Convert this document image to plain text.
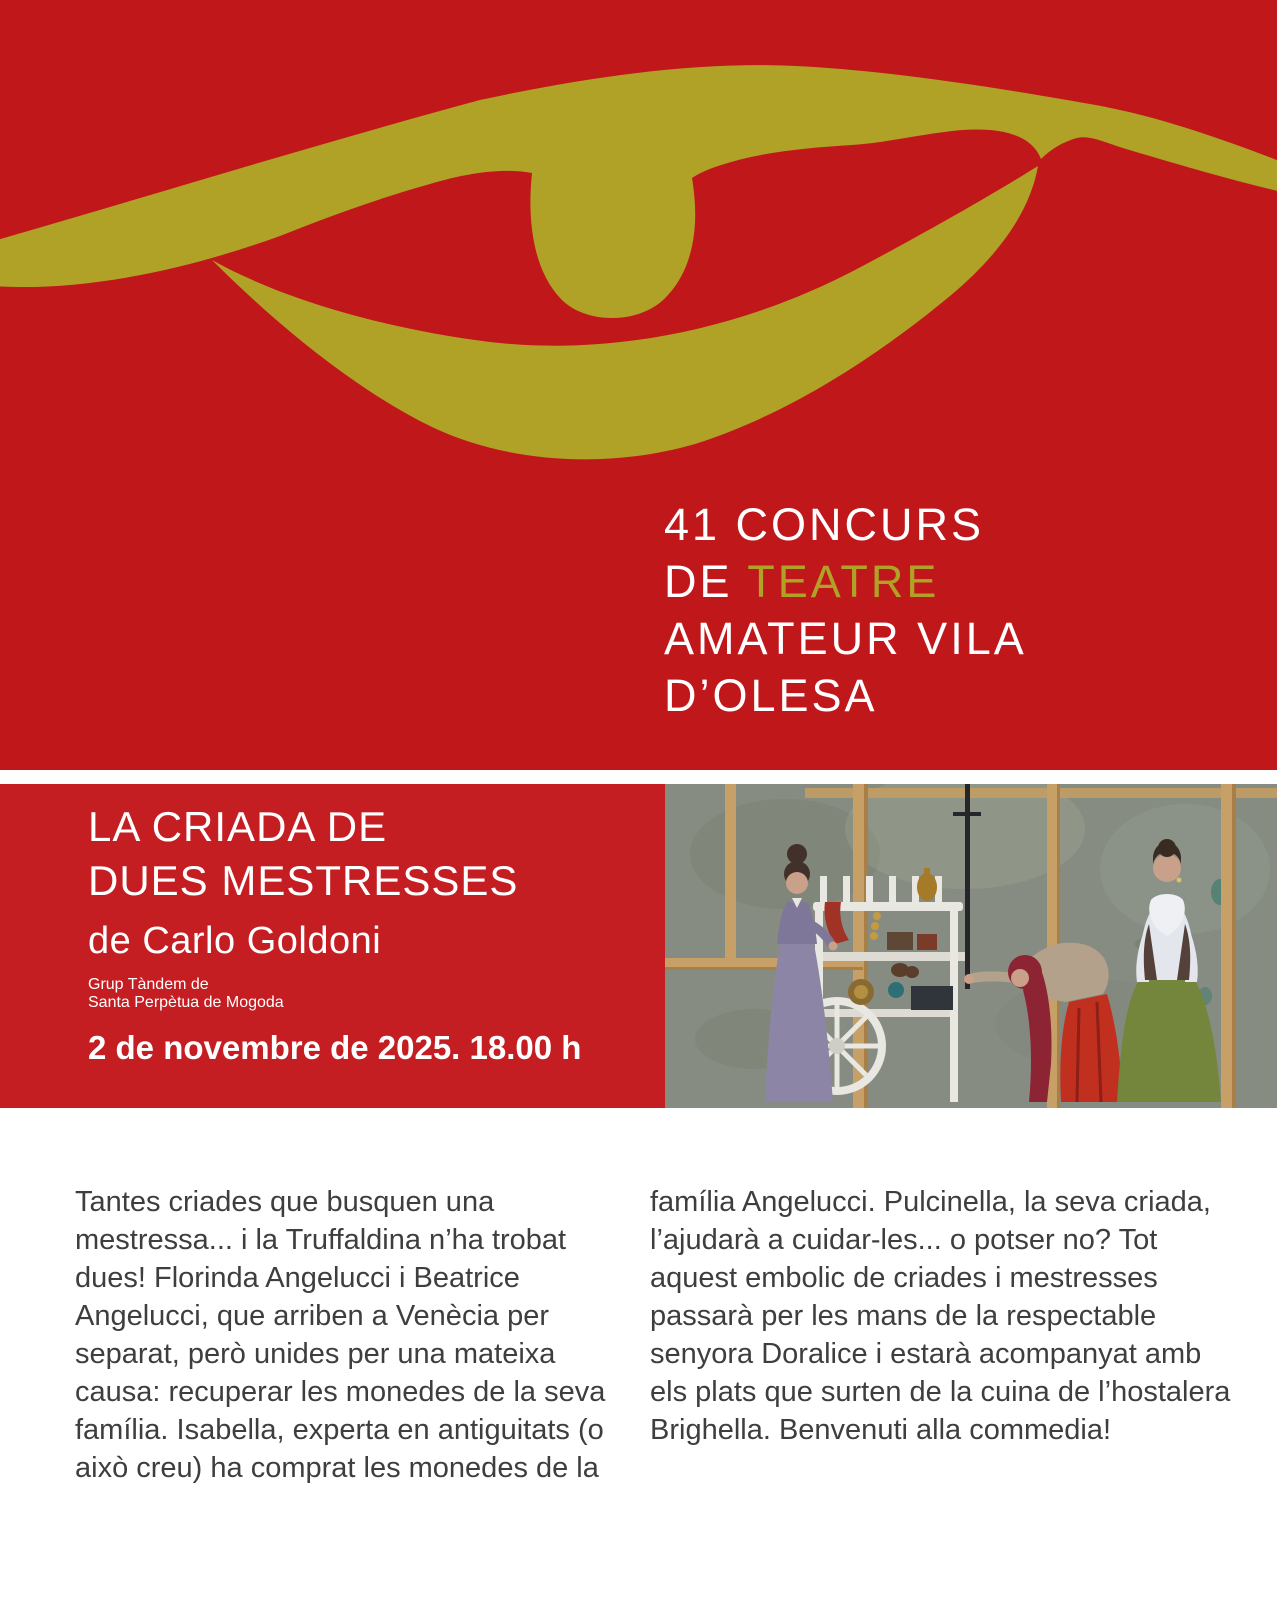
41 CONCURS
DE TEATRE
AMATEUR VILA
D’OLESA
LA CRIADA DE
DUES MESTRESSES

de Carlo Goldoni

Grup Tàndem de
Santa Perpètua de Mogoda

2 de novembre de 2025. 18.00 h

Tantes criades que busquen una mestressa... i la Truffaldina n’ha trobat dues! Florinda Angelucci i Beatrice Angelucci, que arriben a Venècia per separat, però unides per una mateixa causa: recuperar les monedes de la seva família. Isabella, experta en antiguitats (o això creu) ha comprat les monedes de la

família Angelucci. Pulcinella, la seva criada, l’ajudarà a cuidar-les... o potser no? Tot aquest embolic de criades i mestresses passarà per les mans de la respectable senyora Doralice i estarà acompanyat amb els plats que surten de la cuina de l’hostalera Brighella. Benvenuti alla commedia!
